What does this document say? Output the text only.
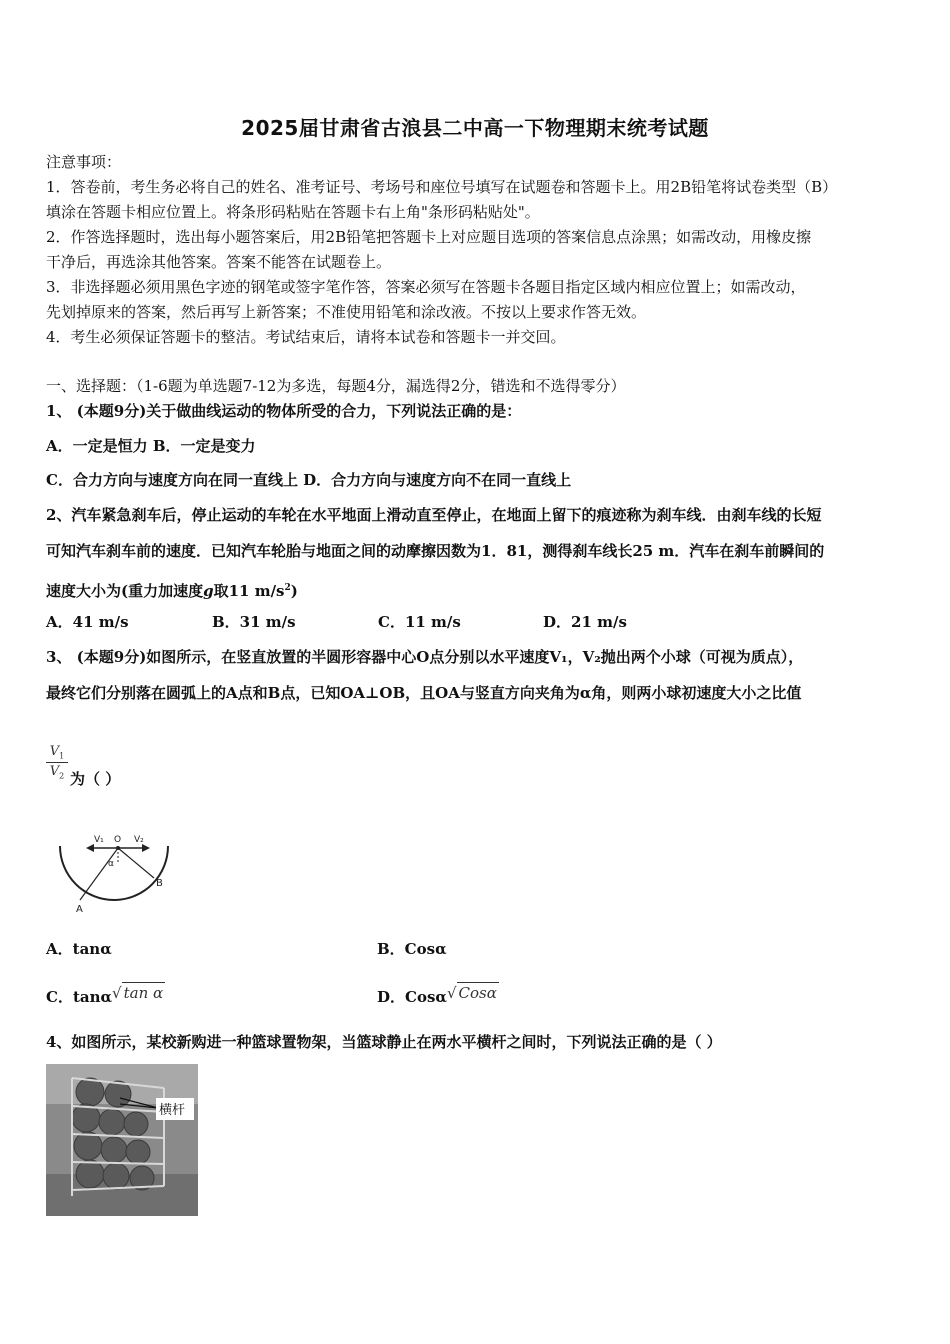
2025届甘肃省古浪县二中高一下物理期末统考试题
注意事项：
1．答卷前，考生务必将自己的姓名、准考证号、考场号和座位号填写在试题卷和答题卡上。用2B铅笔将试卷类型（B）
填涂在答题卡相应位置上。将条形码粘贴在答题卡右上角"条形码粘贴处"。
2．作答选择题时，选出每小题答案后，用2B铅笔把答题卡上对应题目选项的答案信息点涂黑；如需改动，用橡皮擦
干净后，再选涂其他答案。答案不能答在试题卷上。
3．非选择题必须用黑色字迹的钢笔或签字笔作答，答案必须写在答题卡各题目指定区域内相应位置上；如需改动，
先划掉原来的答案，然后再写上新答案；不准使用铅笔和涂改液。不按以上要求作答无效。
4．考生必须保证答题卡的整洁。考试结束后，请将本试卷和答题卡一并交回。
一、选择题：（1-6题为单选题7-12为多选，每题4分，漏选得2分，错选和不选得零分）
1、 (本题9分)关于做曲线运动的物体所受的合力，下列说法正确的是：
A．一定是恒力 B．一定是变力
C．合力方向与速度方向在同一直线上 D．合力方向与速度方向不在同一直线上
2、汽车紧急刹车后，停止运动的车轮在水平地面上滑动直至停止，在地面上留下的痕迹称为刹车线．由刹车线的长短
可知汽车刹车前的速度．已知汽车轮胎与地面之间的动摩擦因数为1．81，测得刹车线长25 m．汽车在刹车前瞬间的
速度大小为(重力加速度g取11 $m/s^2$)
A．41 m/s	B．31 m/s	C．11 m/s	D．21 m/s
3、 (本题9分)如图所示，在竖直放置的半圆形容器中心O点分别以水平速度V₁，V₂抛出两个小球（可视为质点），
最终它们分别落在圆弧上的A点和B点，已知OA⊥OB，且OA与竖直方向夹角为α角，则两小球初速度大小之比值
$\frac{V_1}{V_2}$ 为（ ）
V₁ O V₂
α
A
B
A．tanα	B．Cosα
C．tanα√ tan α	D．Cosα√ Cosα
4、如图所示，某校新购进一种篮球置物架，当篮球静止在两水平横杆之间时，下列说法正确的是（ ）
横杆
